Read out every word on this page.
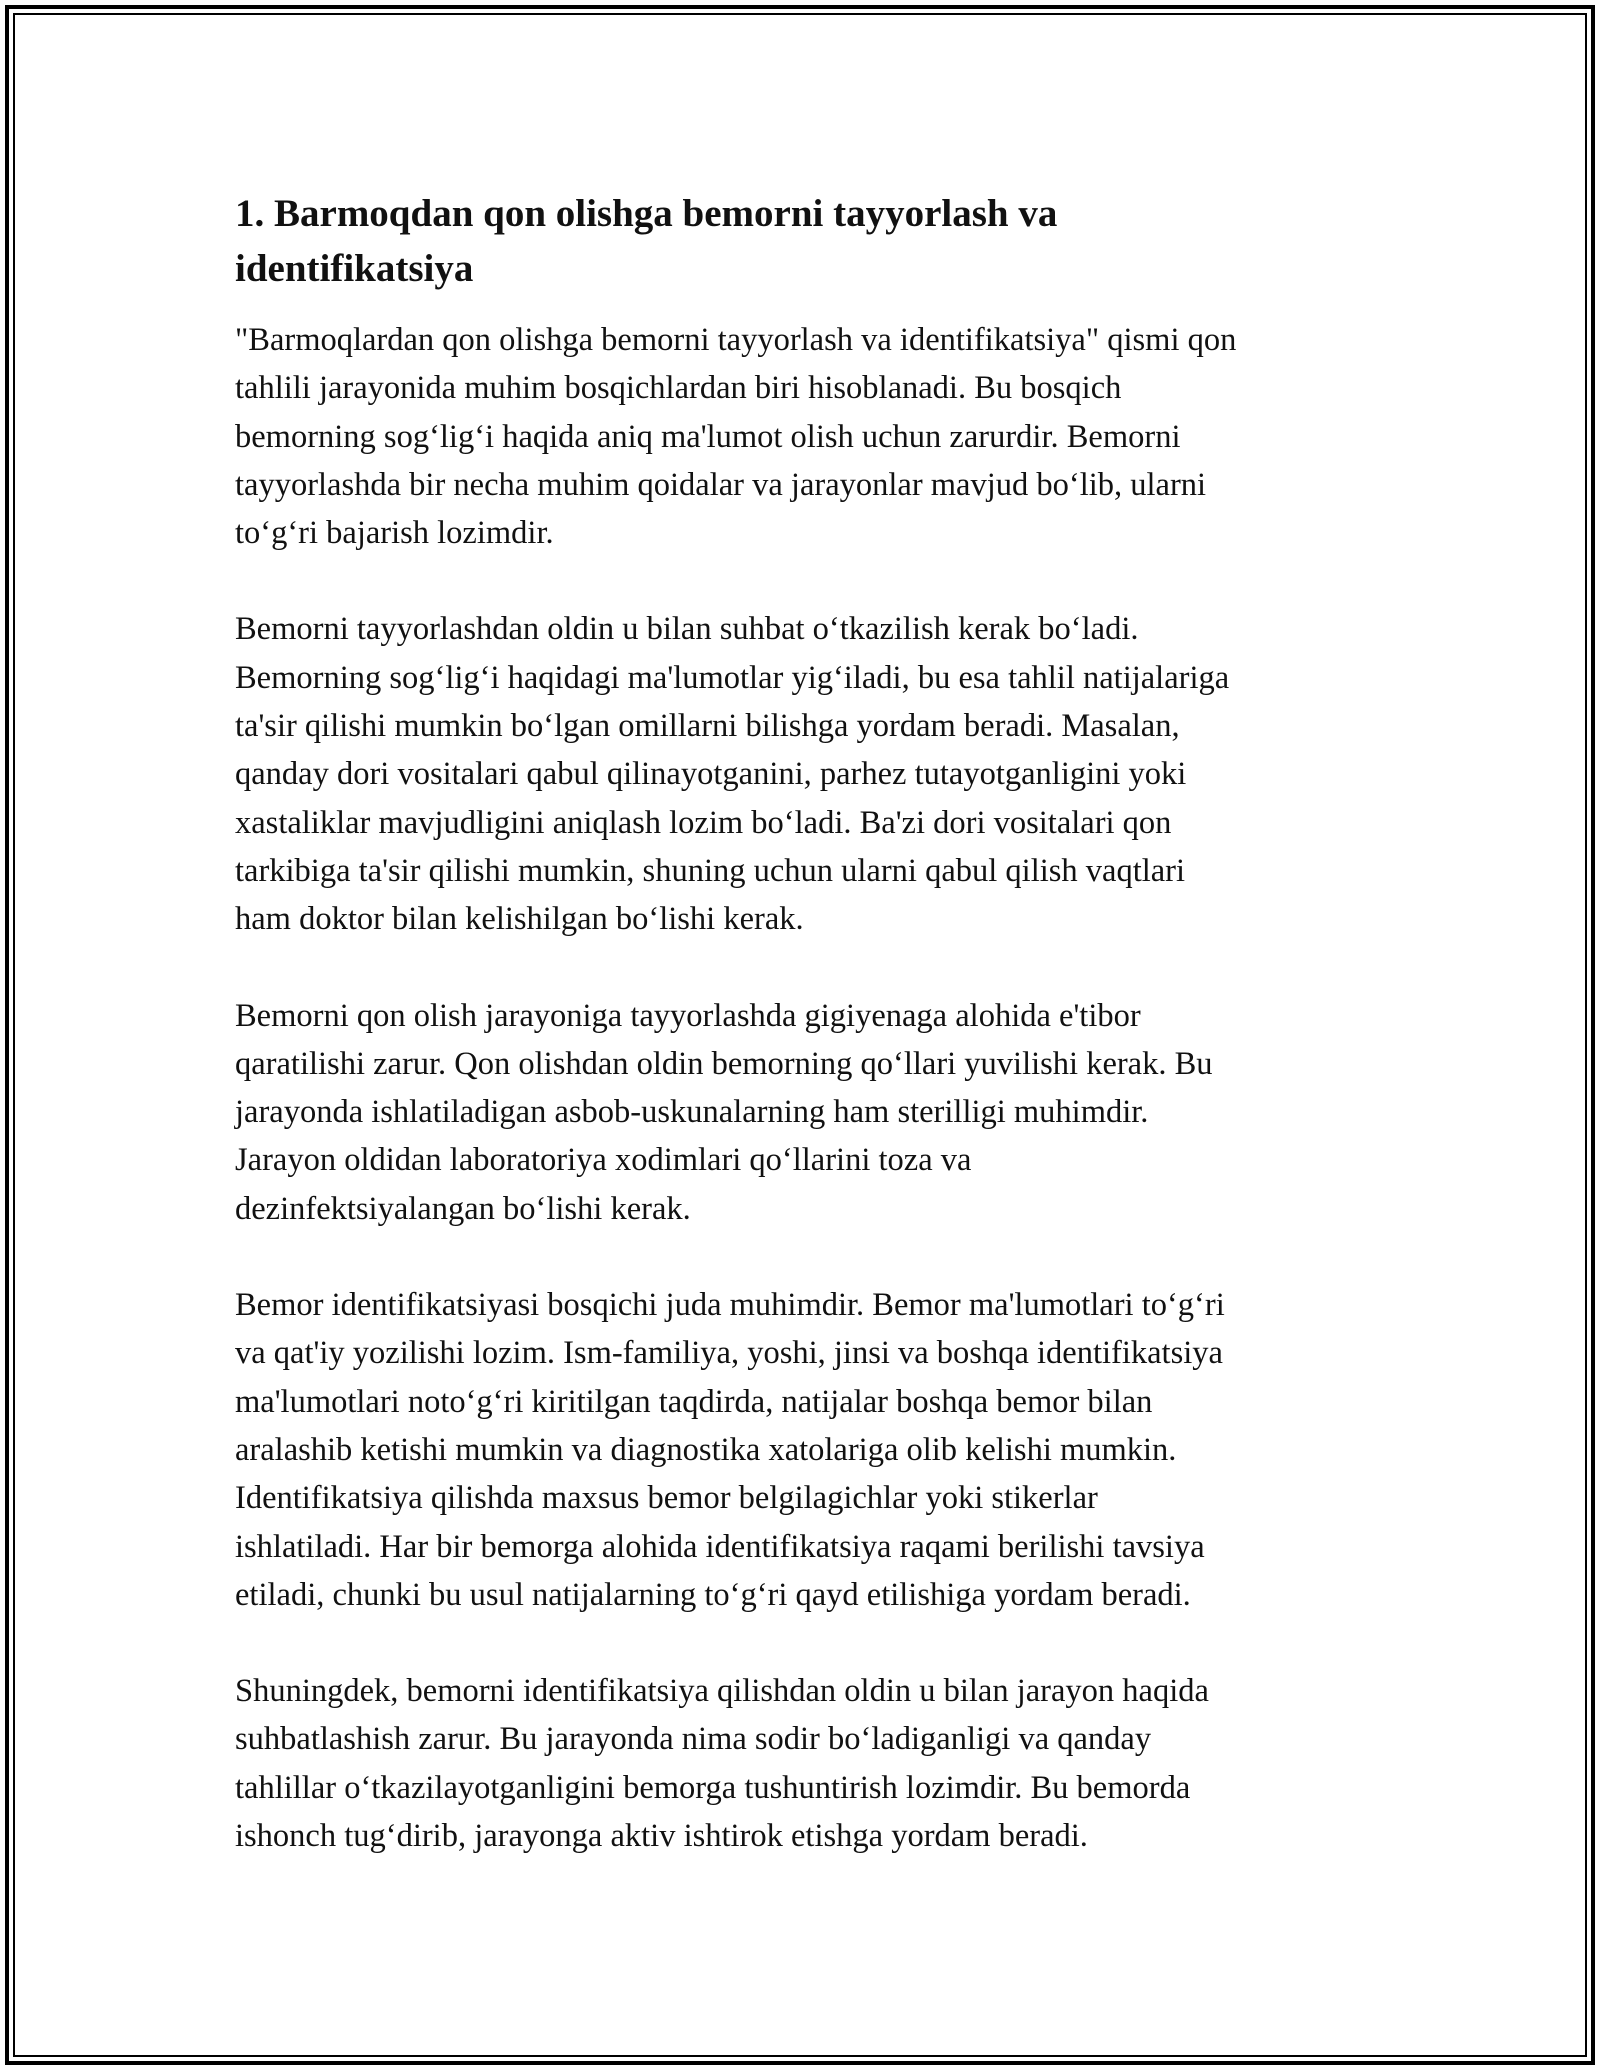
1. Barmoqdan qon olishga bemorni tayyorlash va
identifikatsiya

"Barmoqlardan qon olishga bemorni tayyorlash va identifikatsiya" qismi qon
tahlili jarayonida muhim bosqichlardan biri hisoblanadi. Bu bosqich
bemorning sog‘lig‘i haqida aniq ma'lumot olish uchun zarurdir. Bemorni
tayyorlashda bir necha muhim qoidalar va jarayonlar mavjud bo‘lib, ularni
to‘g‘ri bajarish lozimdir.

Bemorni tayyorlashdan oldin u bilan suhbat o‘tkazilish kerak bo‘ladi.
Bemorning sog‘lig‘i haqidagi ma'lumotlar yig‘iladi, bu esa tahlil natijalariga
ta'sir qilishi mumkin bo‘lgan omillarni bilishga yordam beradi. Masalan,
qanday dori vositalari qabul qilinayotganini, parhez tutayotganligini yoki
xastaliklar mavjudligini aniqlash lozim bo‘ladi. Ba'zi dori vositalari qon
tarkibiga ta'sir qilishi mumkin, shuning uchun ularni qabul qilish vaqtlari
ham doktor bilan kelishilgan bo‘lishi kerak.

Bemorni qon olish jarayoniga tayyorlashda gigiyenaga alohida e'tibor
qaratilishi zarur. Qon olishdan oldin bemorning qo‘llari yuvilishi kerak. Bu
jarayonda ishlatiladigan asbob-uskunalarning ham sterilligi muhimdir.
Jarayon oldidan laboratoriya xodimlari qo‘llarini toza va
dezinfektsiyalangan bo‘lishi kerak.

Bemor identifikatsiyasi bosqichi juda muhimdir. Bemor ma'lumotlari to‘g‘ri
va qat'iy yozilishi lozim. Ism-familiya, yoshi, jinsi va boshqa identifikatsiya
ma'lumotlari noto‘g‘ri kiritilgan taqdirda, natijalar boshqa bemor bilan
aralashib ketishi mumkin va diagnostika xatolariga olib kelishi mumkin.
Identifikatsiya qilishda maxsus bemor belgilagichlar yoki stikerlar
ishlatiladi. Har bir bemorga alohida identifikatsiya raqami berilishi tavsiya
etiladi, chunki bu usul natijalarning to‘g‘ri qayd etilishiga yordam beradi.

Shuningdek, bemorni identifikatsiya qilishdan oldin u bilan jarayon haqida
suhbatlashish zarur. Bu jarayonda nima sodir bo‘ladiganligi va qanday
tahlillar o‘tkazilayotganligini bemorga tushuntirish lozimdir. Bu bemorda
ishonch tug‘dirib, jarayonga aktiv ishtirok etishga yordam beradi.
